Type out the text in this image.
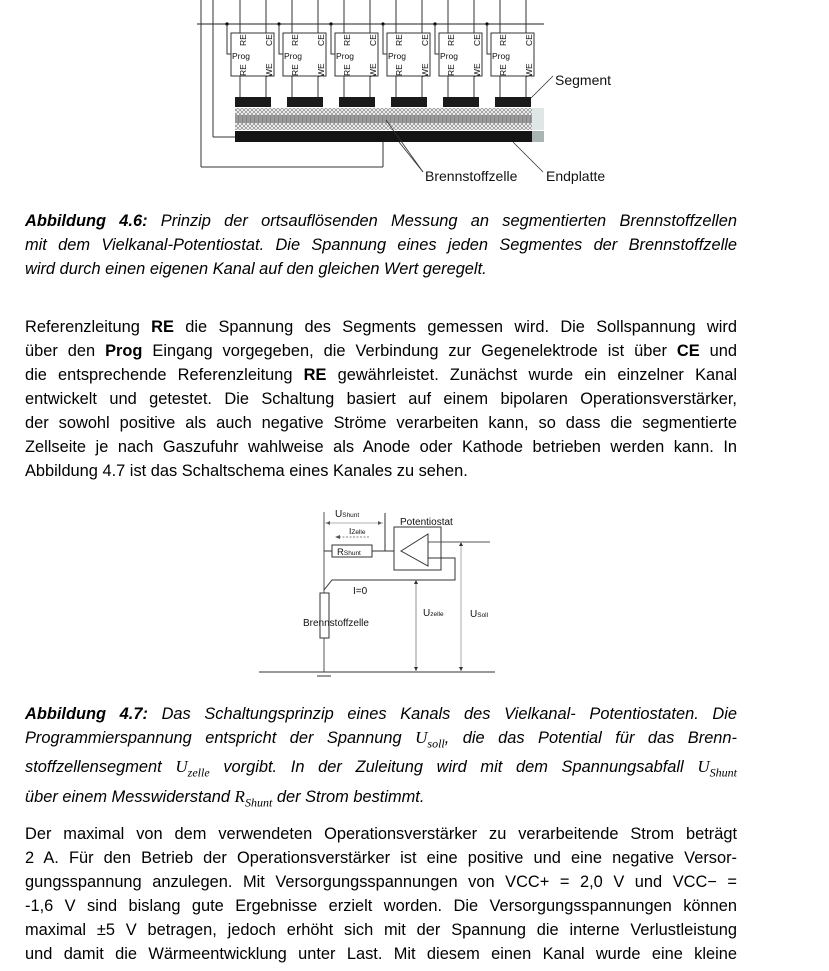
RE CE
Prog
RE WE
RE CE
Prog
RE WE
RE CE
Prog
RE WE
RE CE
Prog
RE WE
RE CE
Prog
RE WE
RE CE
Prog
RE WE
Segment
Brennstoffzelle Endplatte
Abbildung 4.6: Prinzip der ortsauflösenden Messung an segmentierten Brennstoffzellen
mit dem Vielkanal-Potentiostat. Die Spannung eines jeden Segmentes der Brennstoffzelle
wird durch einen eigenen Kanal auf den gleichen Wert geregelt.
Referenzleitung RE die Spannung des Segments gemessen wird. Die Sollspannung wird
über den Prog Eingang vorgegeben, die Verbindung zur Gegenelektrode ist über CE und
die entsprechende Referenzleitung RE gewährleistet. Zunächst wurde ein einzelner Kanal
entwickelt und getestet. Die Schaltung basiert auf einem bipolaren Operationsverstärker,
der sowohl positive als auch negative Ströme verarbeiten kann, so dass die segmentierte
Zellseite je nach Gaszufuhr wahlweise als Anode oder Kathode betrieben werden kann. In
Abbildung 4.7 ist das Schaltschema eines Kanales zu sehen.
UShunt
IZelle
RShunt
Potentiostat
I=0
Uzelle	USoll
Brennstoffzelle
Abbildung 4.7: Das Schaltungsprinzip eines Kanals des Vielkanal- Potentiostaten. Die
Programmierspannung entspricht der Spannung $U_{soll}$, die das Potential für das Brenn-
stoffzellensegment $U_{zelle}$ vorgibt. In der Zuleitung wird mit dem Spannungsabfall $U_{Shunt}$
über einem Messwiderstand $R_{Shunt}$ der Strom bestimmt.
Der maximal von dem verwendeten Operationsverstärker zu verarbeitende Strom beträgt
2 A. Für den Betrieb der Operationsverstärker ist eine positive und eine negative Versor-
gungsspannung anzulegen. Mit Versorgungsspannungen von VCC+ = 2,0 V und VCC− =
-1,6 V sind bislang gute Ergebnisse erzielt worden. Die Versorgungsspannungen können
maximal ±5 V betragen, jedoch erhöht sich mit der Spannung die interne Verlustleistung
und damit die Wärmeentwicklung unter Last. Mit diesem einen Kanal wurde eine kleine
